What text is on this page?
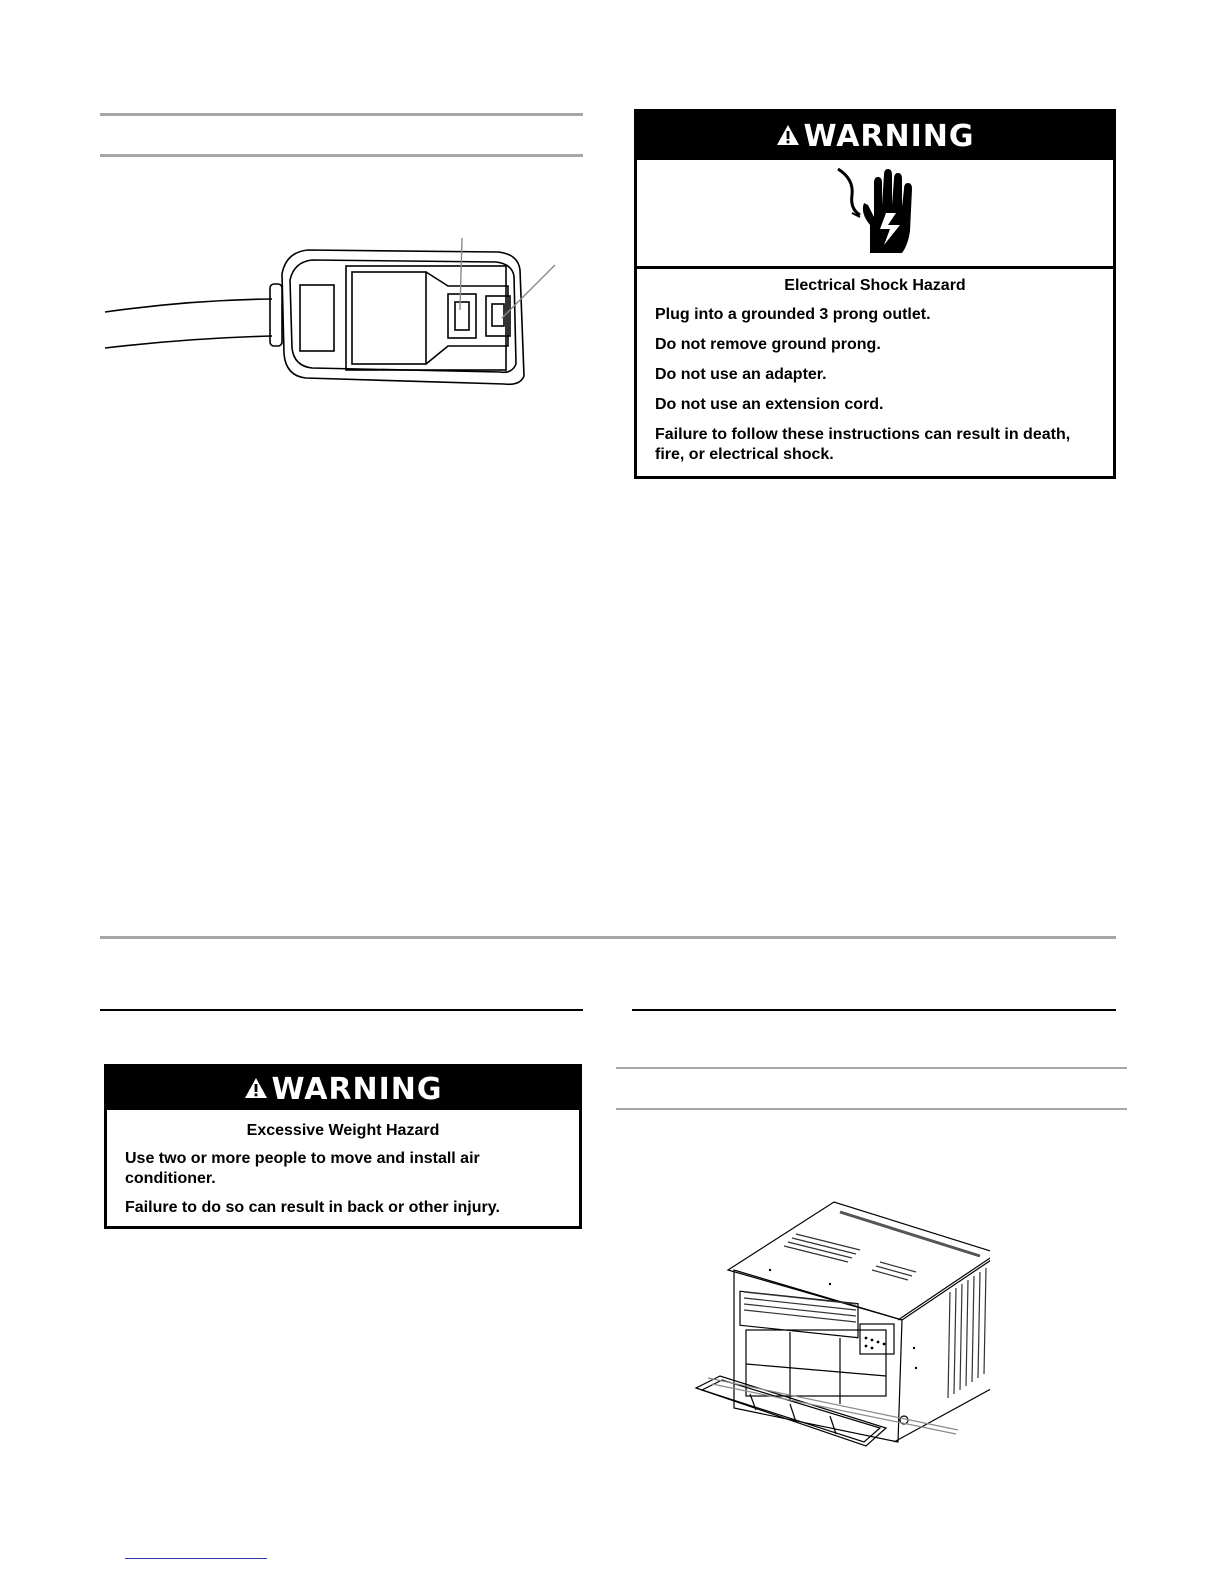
WARNING
Electrical Shock Hazard
Plug into a grounded 3 prong outlet.
Do not remove ground prong.
Do not use an adapter.
Do not use an extension cord.
Failure to follow these instructions can result in death, fire, or electrical shock.
WARNING
Excessive Weight Hazard
Use two or more people to move and install air conditioner.
Failure to do so can result in back or other injury.
